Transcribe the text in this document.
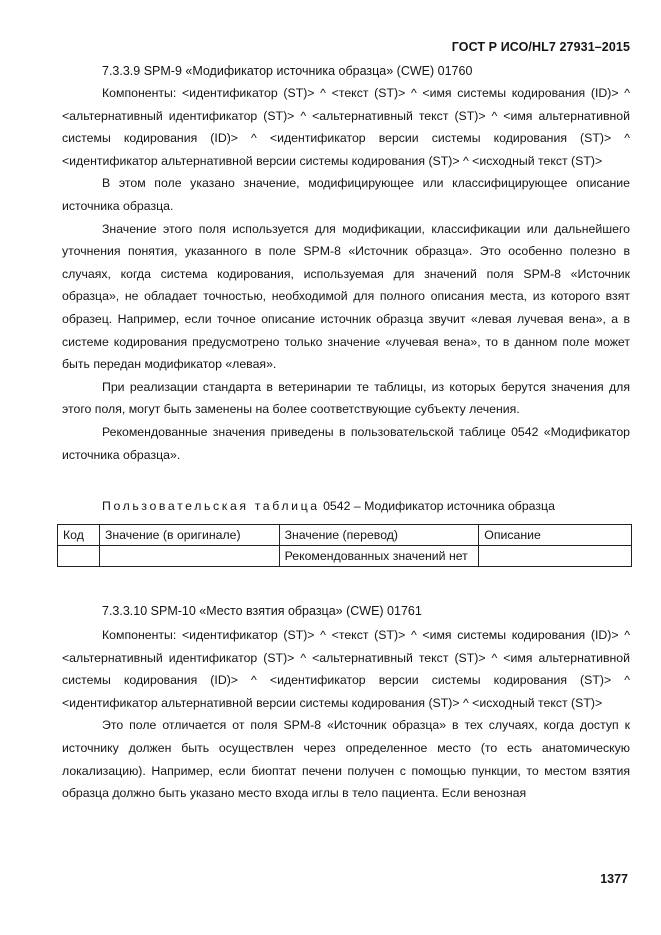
ГОСТ Р ИСО/HL7 27931–2015
7.3.3.9 SPM-9 «Модификатор источника образца» (CWE) 01760

Компоненты: <идентификатор (ST)> ^ <текст (ST)> ^ <имя системы кодирования (ID)> ^ <альтернативный идентификатор (ST)> ^ <альтернативный текст (ST)> ^ <имя альтернативной системы кодирования (ID)> ^ <идентификатор версии системы кодирования (ST)> ^ <идентификатор альтернативной версии системы кодирования (ST)> ^ <исходный текст (ST)>

В этом поле указано значение, модифицирующее или классифицирующее описание источника образца.

Значение этого поля используется для модификации, классификации или дальнейшего уточнения понятия, указанного в поле SPM-8 «Источник образца». Это особенно полезно в случаях, когда система кодирования, используемая для значений поля SPM-8 «Источник образца», не обладает точностью, необходимой для полного описания места, из которого взят образец. Например, если точное описание источник образца звучит «левая лучевая вена», а в системе кодирования предусмотрено только значение «лучевая вена», то в данном поле может быть передан модификатор «левая».

При реализации стандарта в ветеринарии те таблицы, из которых берутся значения для этого поля, могут быть заменены на более соответствующие субъекту лечения.

Рекомендованные значения приведены в пользовательской таблице 0542 «Модификатор источника образца».

Пользовательская таблица 0542 – Модификатор источника образца
Код	Значение (в оригинале)	Значение (перевод)	Описание
		Рекомендованных значений нет	
7.3.3.10 SPM-10 «Место взятия образца» (CWE) 01761

Компоненты: <идентификатор (ST)> ^ <текст (ST)> ^ <имя системы кодирования (ID)> ^ <альтернативный идентификатор (ST)> ^ <альтернативный текст (ST)> ^ <имя альтернативной системы кодирования (ID)> ^ <идентификатор версии системы кодирования (ST)> ^ <идентификатор альтернативной версии системы кодирования (ST)> ^ <исходный текст (ST)>

Это поле отличается от поля SPM-8 «Источник образца» в тех случаях, когда доступ к источнику должен быть осуществлен через определенное место (то есть анатомическую локализацию). Например, если биоптат печени получен с помощью пункции, то местом взятия образца должно быть указано место входа иглы в тело пациента. Если венозная

1377
